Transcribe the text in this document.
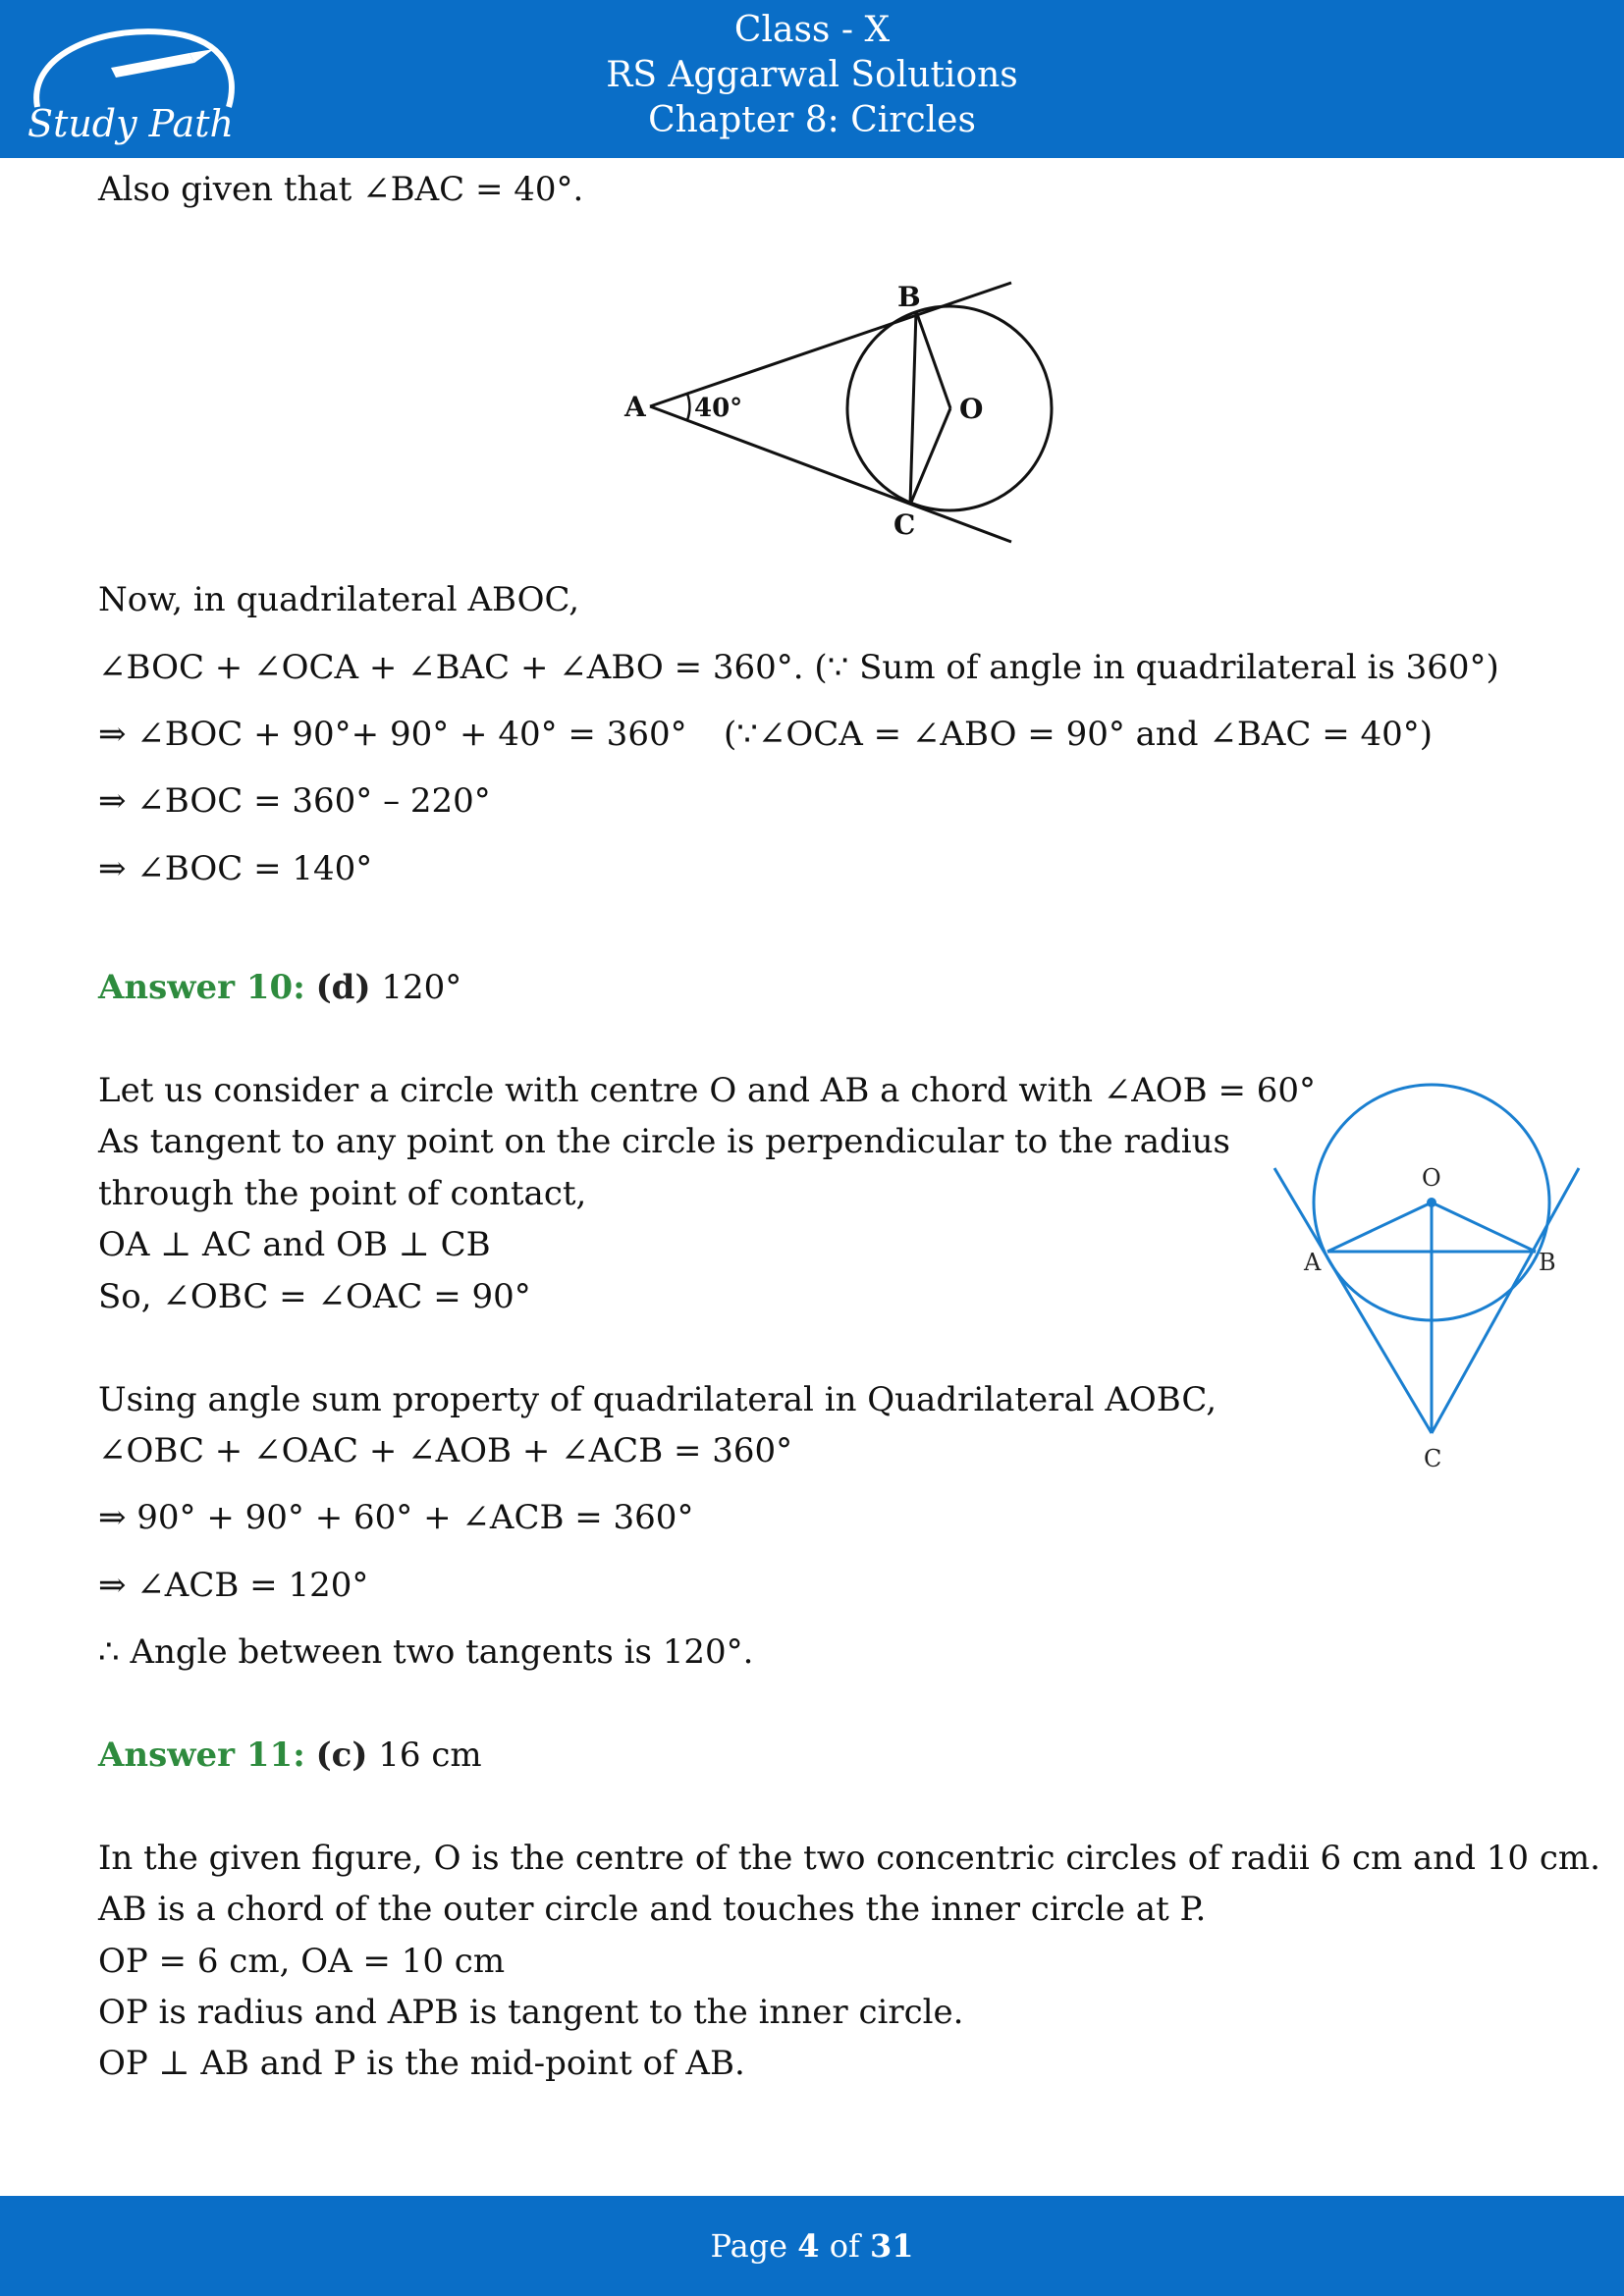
Study Path
Class - X
RS Aggarwal Solutions
Chapter 8: Circles
Also given that ∠BAC = 40°.
A
B
C
O
40°
Now, in quadrilateral ABOC,
∠BOC + ∠OCA + ∠BAC + ∠ABO = 360°. (∵ Sum of angle in quadrilateral is 360°)
⇒ ∠BOC + 90°+ 90° + 40° = 360° (∵∠OCA = ∠ABO = 90° and ∠BAC = 40°)
⇒ ∠BOC = 360° – 220°
⇒ ∠BOC = 140°
Answer 10: (d) 120°
Let us consider a circle with centre O and AB a chord with ∠AOB = 60°
As tangent to any point on the circle is perpendicular to the radius
through the point of contact,
OA ⊥ AC and OB ⊥ CB
So, ∠OBC = ∠OAC = 90°
O
A	B
C
Using angle sum property of quadrilateral in Quadrilateral AOBC,
∠OBC + ∠OAC + ∠AOB + ∠ACB = 360°
⇒ 90° + 90° + 60° + ∠ACB = 360°
⇒ ∠ACB = 120°
∴ Angle between two tangents is 120°.
Answer 11: (c) 16 cm
In the given figure, O is the centre of the two concentric circles of radii 6 cm and 10 cm.
AB is a chord of the outer circle and touches the inner circle at P.
OP = 6 cm, OA = 10 cm
OP is radius and APB is tangent to the inner circle.
OP ⊥ AB and P is the mid-point of AB.
Page 4 of 31
